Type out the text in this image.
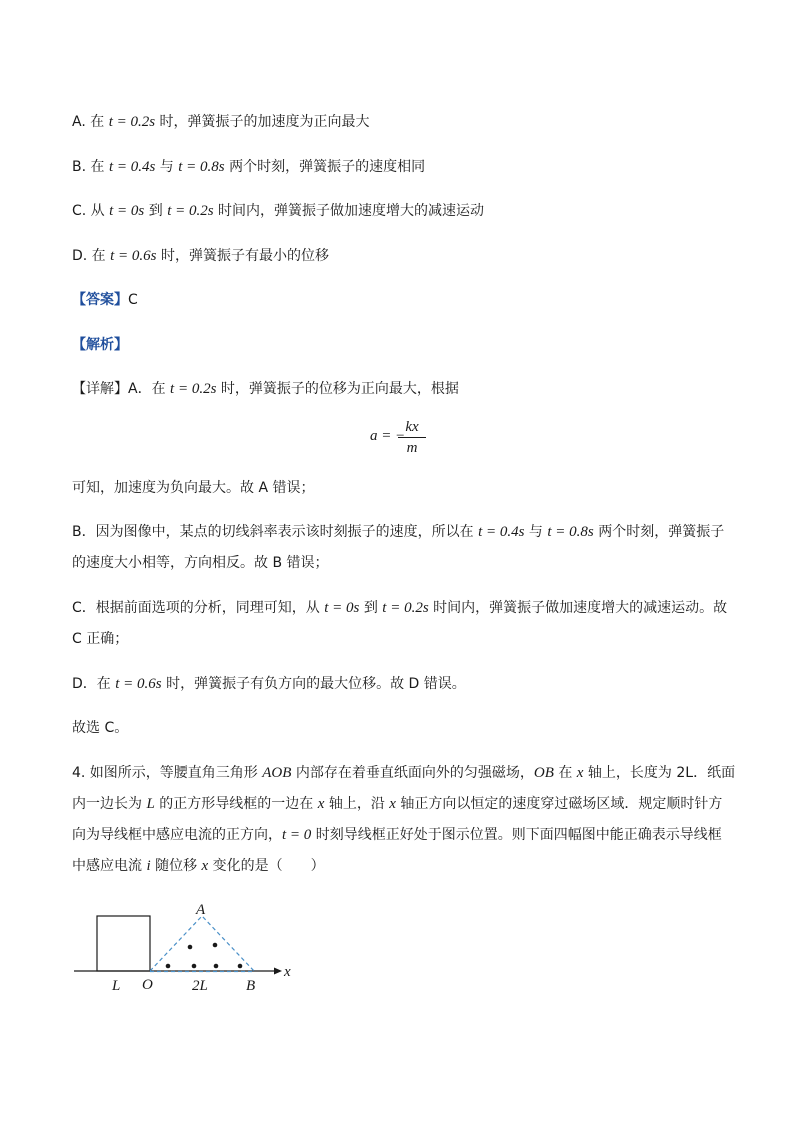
A. 在 t = 0.2s 时，弹簧振子的加速度为正向最大
B. 在 t = 0.4s 与 t = 0.8s 两个时刻，弹簧振子的速度相同
C. 从 t = 0s 到 t = 0.2s 时间内，弹簧振子做加速度增大的减速运动
D. 在 t = 0.6s 时，弹簧振子有最小的位移
【答案】C
【解析】
【详解】A．在 t = 0.2s 时，弹簧振子的位移为正向最大，根据
a = −
kx
m
可知，加速度为负向最大。故 A 错误；
B．因为图像中，某点的切线斜率表示该时刻振子的速度，所以在 t = 0.4s 与 t = 0.8s 两个时刻，弹簧振子
的速度大小相等，方向相反。故 B 错误；
C．根据前面选项的分析，同理可知，从 t = 0s 到 t = 0.2s 时间内，弹簧振子做加速度增大的减速运动。故
C 正确；
D．在 t = 0.6s 时，弹簧振子有负方向的最大位移。故 D 错误。
故选 C。
4. 如图所示，等腰直角三角形 AOB 内部存在着垂直纸面向外的匀强磁场，OB 在 x 轴上，长度为 2L．纸面
内一边长为 L 的正方形导线框的一边在 x 轴上，沿 x 轴正方向以恒定的速度穿过磁场区域．规定顺时针方
向为导线框中感应电流的正方向，t = 0 时刻导线框正好处于图示位置。则下面四幅图中能正确表示导线框
中感应电流 i 随位移 x 变化的是（　　）
A
L O	2L	B
x
